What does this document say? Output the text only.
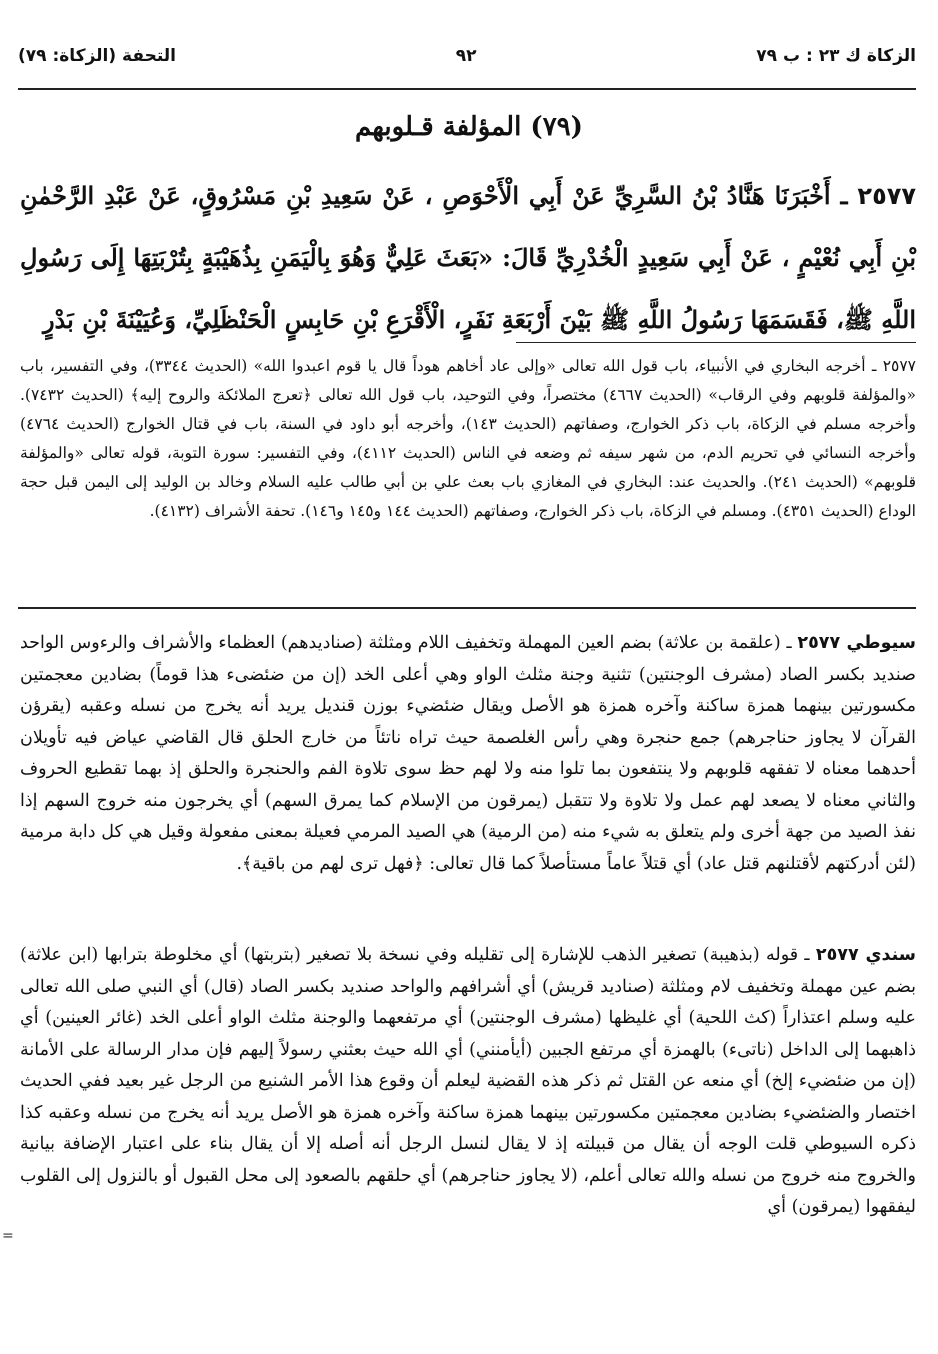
التحفة (الزكاة: ٧٩)	٩٢	الزكاة ك ٢٣ : ب ٧٩
(٧٩) المؤلفة قـلوبهم
٢٥٧٧ ـ أَخْبَرَنَا هَنَّادُ بْنُ السَّرِيِّ عَنْ أَبِي الْأَحْوَصِ ، عَنْ سَعِيدِ بْنِ مَسْرُوقٍ، عَنْ عَبْدِ الرَّحْمٰنِ بْنِ أَبِي نُعْيْمٍ ، عَنْ أَبِي سَعِيدٍ الْخُدْرِيِّ قَالَ: «بَعَثَ عَلِيٌّ وَهُوَ بِالْيَمَنِ بِذُهَيْبَةٍ بِتُرْبَتِهَا إِلَى رَسُولِ اللَّهِ ﷺ، فَقَسَمَهَا رَسُولُ اللَّهِ ﷺ بَيْنَ أَرْبَعَةِ نَفَرٍ، الْأَقْرَعِ بْنِ حَابِسٍ الْحَنْظَلِيِّ، وَعُيَيْنَةَ بْنِ بَدْرٍ
٢٥٧٧ ـ أخرجه البخاري في الأنبياء، باب قول الله تعالى «وإلى عاد أخاهم هوداً قال يا قوم اعبدوا الله» (الحديث ٣٣٤٤)، وفي التفسير، باب «والمؤلفة قلوبهم وفي الرقاب» (الحديث ٤٦٦٧) مختصراً، وفي التوحيد، باب قول الله تعالى ﴿تعرج الملائكة والروح إليه﴾ (الحديث ٧٤٣٢). وأخرجه مسلم في الزكاة، باب ذكر الخوارج، وصفاتهم (الحديث ١٤٣)، وأخرجه أبو داود في السنة، باب في قتال الخوارج (الحديث ٤٧٦٤) وأخرجه النسائي في تحريم الدم، من شهر سيفه ثم وضعه في الناس (الحديث ٤١١٢)، وفي التفسير: سورة التوبة، قوله تعالى «والمؤلفة قلوبهم» (الحديث ٢٤١). والحديث عند: البخاري في المغازي باب بعث علي بن أبي طالب عليه السلام وخالد بن الوليد إلى اليمن قبل حجة الوداع (الحديث ٤٣٥١). ومسلم في الزكاة، باب ذكر الخوارج، وصفاتهم (الحديث ١٤٤ و١٤٥ و١٤٦). تحفة الأشراف (٤١٣٢).
سيوطي ٢٥٧٧ ـ (علقمة بن علاثة) بضم العين المهملة وتخفيف اللام ومثلثة (صناديدهم) العظماء والأشراف والرءوس الواحد صنديد بكسر الصاد (مشرف الوجنتين) تثنية وجنة مثلث الواو وهي أعلى الخد (إن من ضئضىء هذا قوماً) بضادين معجمتين مكسورتين بينهما همزة ساكنة وآخره همزة هو الأصل ويقال ضئضيء بوزن قنديل يريد أنه يخرج من نسله وعقبه (يقرؤن القرآن لا يجاوز حناجرهم) جمع حنجرة وهي رأس الغلصمة حيث تراه ناتئاً من خارج الحلق قال القاضي عياض فيه تأويلان أحدهما معناه لا تفقهه قلوبهم ولا ينتفعون بما تلوا منه ولا لهم حظ سوى تلاوة الفم والحنجرة والحلق إذ بهما تقطيع الحروف والثاني معناه لا يصعد لهم عمل ولا تلاوة ولا تتقبل (يمرقون من الإسلام كما يمرق السهم) أي يخرجون منه خروج السهم إذا نفذ الصيد من جهة أخرى ولم يتعلق به شيء منه (من الرمية) هي الصيد المرمي فعيلة بمعنى مفعولة وقيل هي كل دابة مرمية (لئن أدركتهم لأقتلنهم قتل عاد) أي قتلاً عاماً مستأصلاً كما قال تعالى: ﴿فهل ترى لهم من باقية﴾.
سندي ٢٥٧٧ ـ قوله (بذهيبة) تصغير الذهب للإشارة إلى تقليله وفي نسخة بلا تصغير (بتربتها) أي مخلوطة بترابها (ابن علاثة) بضم عين مهملة وتخفيف لام ومثلثة (صناديد قريش) أي أشرافهم والواحد صنديد بكسر الصاد (قال) أي النبي صلى الله تعالى عليه وسلم اعتذاراً (كث اللحية) أي غليظها (مشرف الوجنتين) أي مرتفعهما والوجنة مثلث الواو أعلى الخد (غائر العينين) أي ذاهبهما إلى الداخل (ناتىء) بالهمزة أي مرتفع الجبين (أيأمنني) أي الله حيث بعثني رسولاً إليهم فإن مدار الرسالة على الأمانة (إن من ضئضيء إلخ) أي منعه عن القتل ثم ذكر هذه القضية ليعلم أن وقوع هذا الأمر الشنيع من الرجل غير بعيد ففي الحديث اختصار والضئضيء بضادين معجمتين مكسورتين بينهما همزة ساكنة وآخره همزة هو الأصل يريد أنه يخرج من نسله وعقبه كذا ذكره السيوطي قلت الوجه أن يقال من قبيلته إذ لا يقال لنسل الرجل أنه أصله إلا أن يقال بناء على اعتبار الإضافة بيانية والخروج منه خروج من نسله والله تعالى أعلم، (لا يجاوز حناجرهم) أي حلقهم بالصعود إلى محل القبول أو بالنزول إلى القلوب ليفقهوا (يمرقون) أي
=
